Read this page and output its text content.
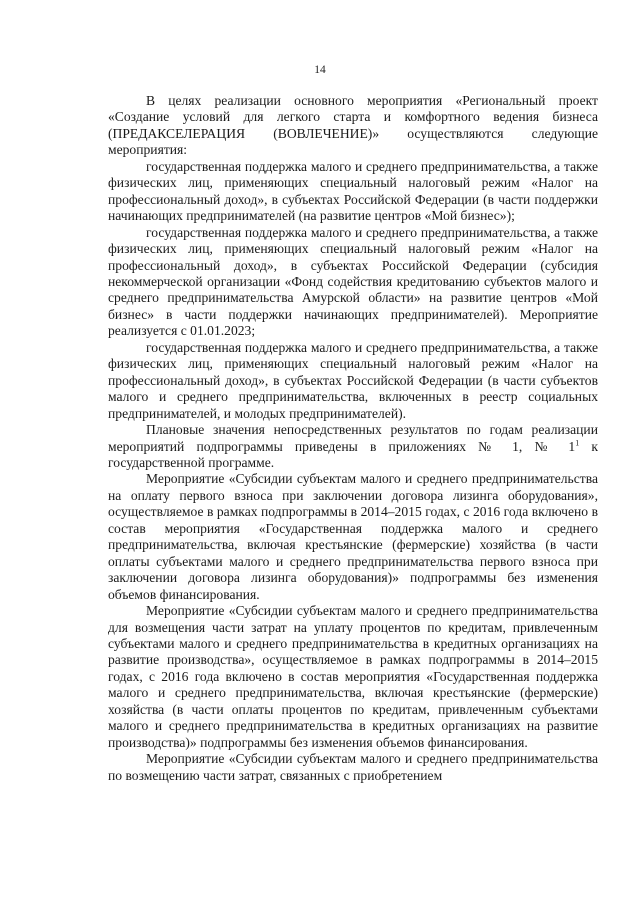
14

В целях реализации основного мероприятия «Региональный проект «Создание условий для легкого старта и комфортного ведения бизнеса (ПРЕДАКСЕЛЕРАЦИЯ (ВОВЛЕЧЕНИЕ)» осуществляются следующие мероприятия:

государственная поддержка малого и среднего предпринимательства, а также физических лиц, применяющих специальный налоговый режим «Налог на профессиональный доход», в субъектах Российской Федерации (в части поддержки начинающих предпринимателей (на развитие центров «Мой бизнес»);

государственная поддержка малого и среднего предпринимательства, а также физических лиц, применяющих специальный налоговый режим «Налог на профессиональный доход», в субъектах Российской Федерации (субсидия некоммерческой организации «Фонд содействия кредитованию субъектов малого и среднего предпринимательства Амурской области» на развитие центров «Мой бизнес» в части поддержки начинающих предпринимателей). Мероприятие реализуется с 01.01.2023;

государственная поддержка малого и среднего предпринимательства, а также физических лиц, применяющих специальный налоговый режим «Налог на профессиональный доход», в субъектах Российской Федерации (в части субъектов малого и среднего предпринимательства, включенных в реестр социальных предпринимателей, и молодых предпринимателей).

Плановые значения непосредственных результатов по годам реализации мероприятий подпрограммы приведены в приложениях № 1, № $1^1$ к государственной программе.

Мероприятие «Субсидии субъектам малого и среднего предпринимательства на оплату первого взноса при заключении договора лизинга оборудования», осуществляемое в рамках подпрограммы в 2014–2015 годах, с 2016 года включено в состав мероприятия «Государственная поддержка малого и среднего предпринимательства, включая крестьянские (фермерские) хозяйства (в части оплаты субъектами малого и среднего предпринимательства первого взноса при заключении договора лизинга оборудования)» подпрограммы без изменения объемов финансирования.

Мероприятие «Субсидии субъектам малого и среднего предпринимательства для возмещения части затрат на уплату процентов по кредитам, привлеченным субъектами малого и среднего предпринимательства в кредитных организациях на развитие производства», осуществляемое в рамках подпрограммы в 2014–2015 годах, с 2016 года включено в состав мероприятия «Государственная поддержка малого и среднего предпринимательства, включая крестьянские (фермерские) хозяйства (в части оплаты процентов по кредитам, привлеченным субъектами малого и среднего предпринимательства в кредитных организациях на развитие производства)» подпрограммы без изменения объемов финансирования.

Мероприятие «Субсидии субъектам малого и среднего предпринимательства по возмещению части затрат, связанных с приобретением
